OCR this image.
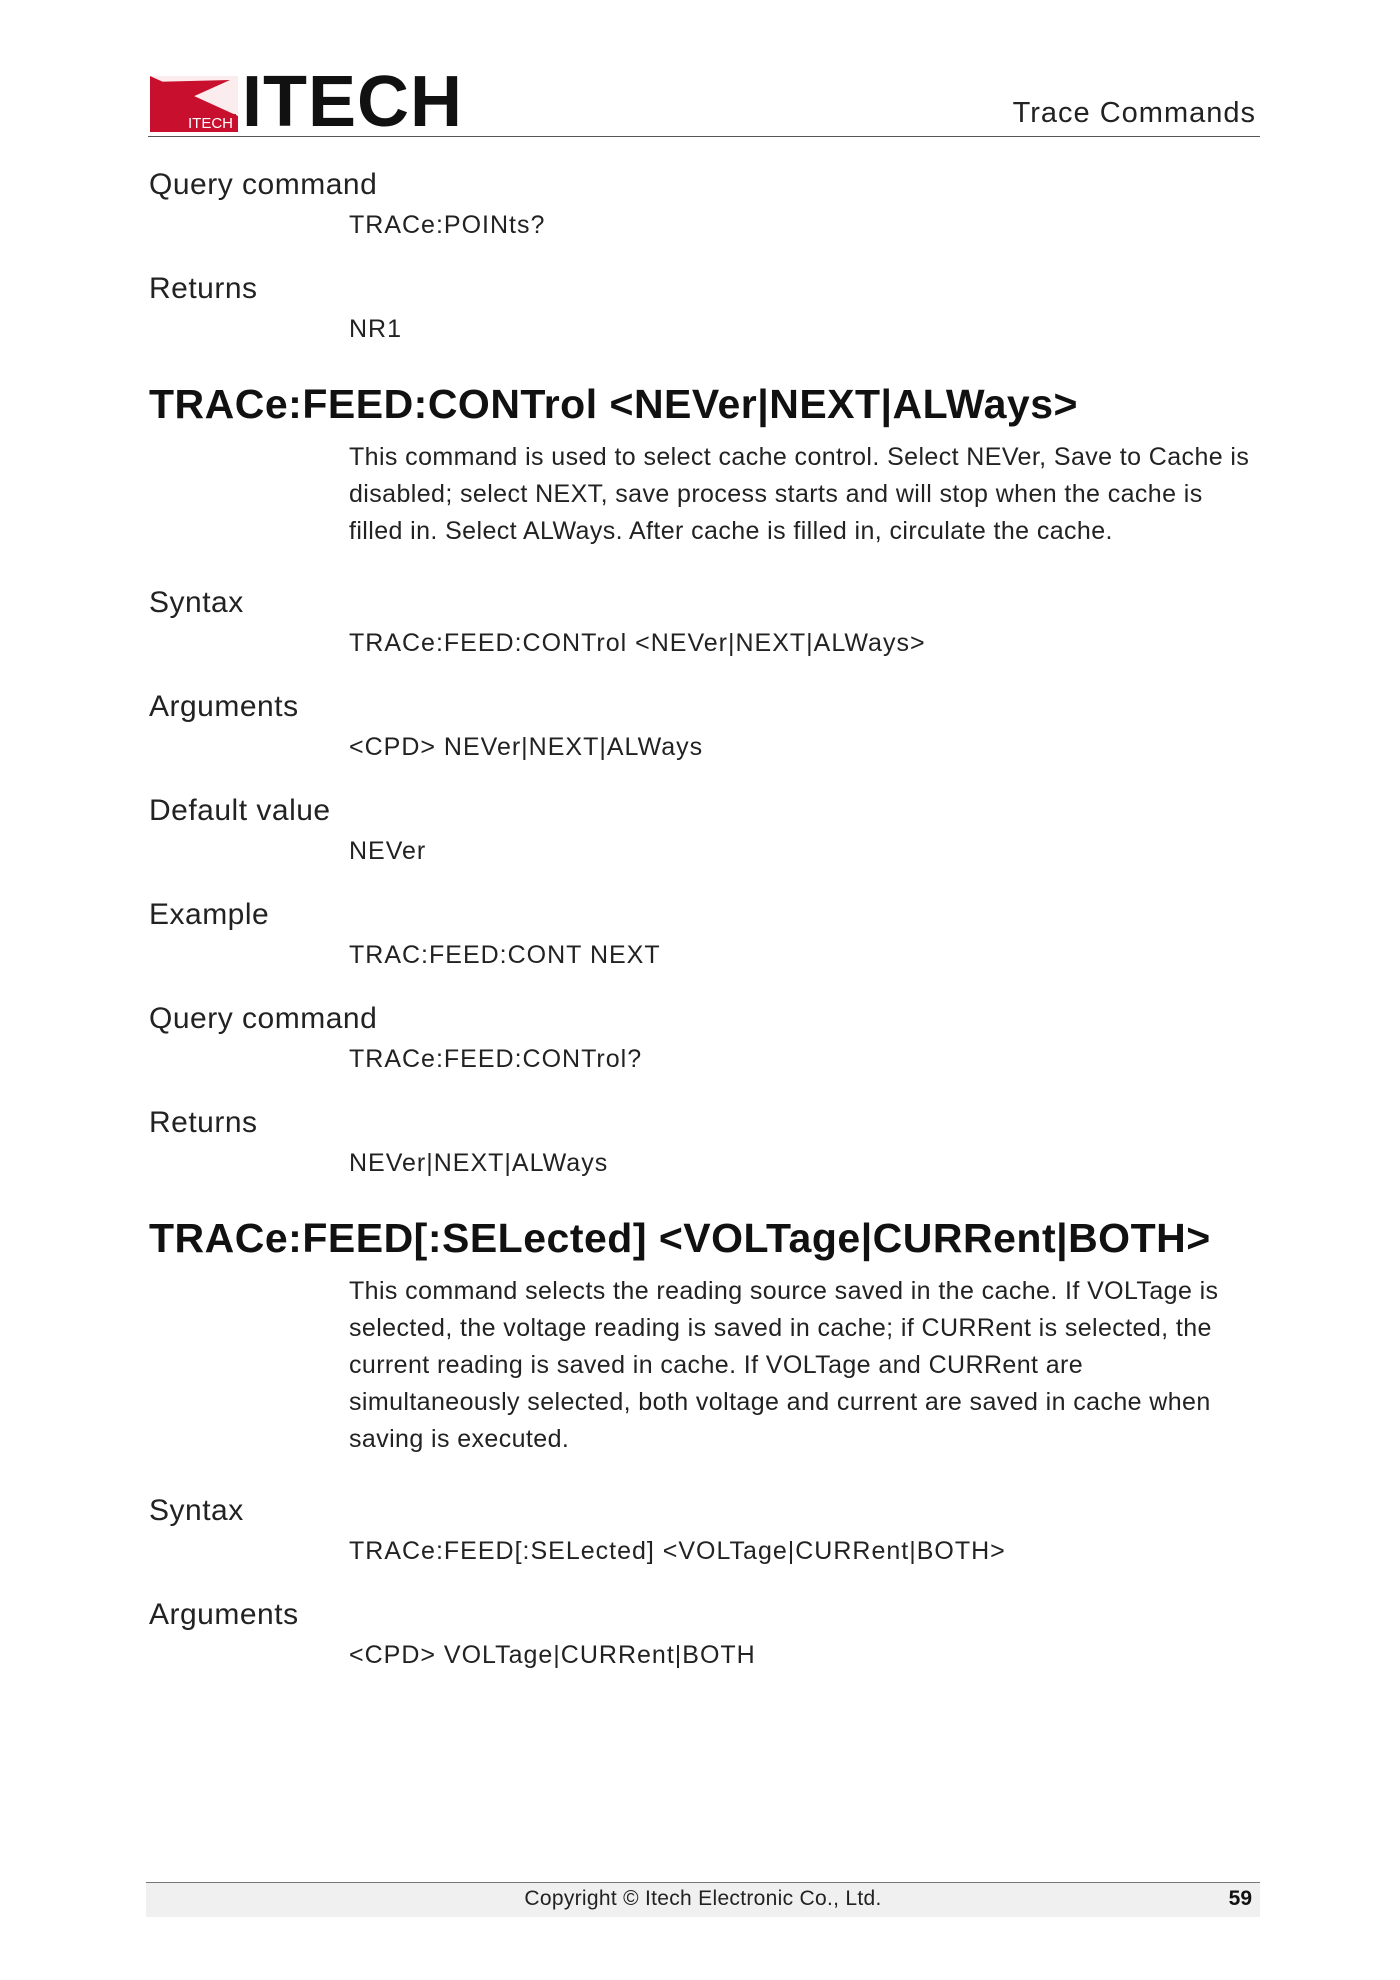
ITECH ITECH	Trace Commands
Query command
TRACe:POINts?
Returns
NR1
TRACe:FEED:CONTrol <NEVer|NEXT|ALWays>
This command is used to select cache control. Select NEVer, Save to Cache is disabled; select NEXT, save process starts and will stop when the cache is filled in. Select ALWays. After cache is filled in, circulate the cache.
Syntax
TRACe:FEED:CONTrol <NEVer|NEXT|ALWays>
Arguments
<CPD> NEVer|NEXT|ALWays
Default value
NEVer
Example
TRAC:FEED:CONT NEXT
Query command
TRACe:FEED:CONTrol?
Returns
NEVer|NEXT|ALWays
TRACe:FEED[:SELected] <VOLTage|CURRent|BOTH>
This command selects the reading source saved in the cache. If VOLTage is selected, the voltage reading is saved in cache; if CURRent is selected, the current reading is saved in cache. If VOLTage and CURRent are simultaneously selected, both voltage and current are saved in cache when saving is executed.
Syntax
TRACe:FEED[:SELected] <VOLTage|CURRent|BOTH>
Arguments
<CPD> VOLTage|CURRent|BOTH
Copyright © Itech Electronic Co., Ltd.	59
